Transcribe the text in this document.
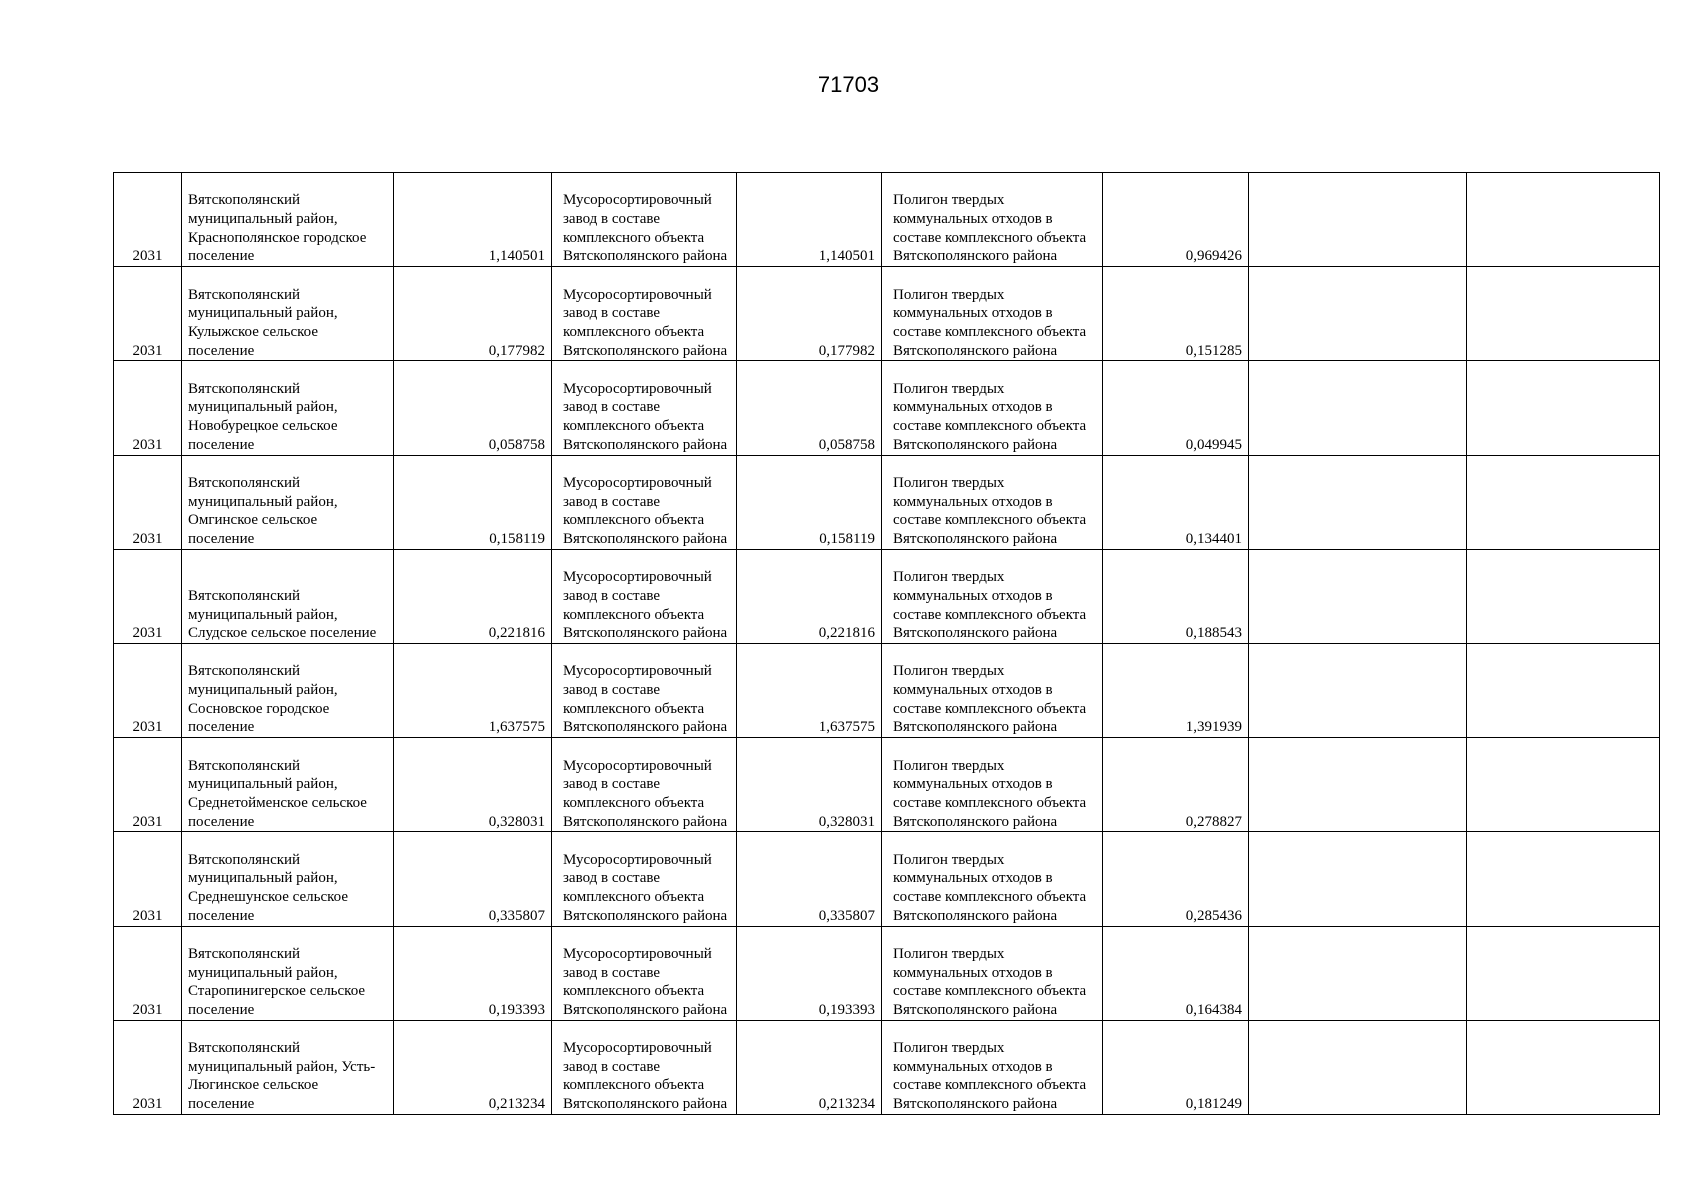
71703
2031	Вятскополянский муниципальный район, Краснополянское городское поселение	1,140501	Мусоросортировочный завод в составе комплексного объекта Вятскополянского района	1,140501	Полигон твердых коммунальных отходов в составе комплексного объекта Вятскополянского района	0,969426		

2031	Вятскополянский муниципальный район, Кулыжское сельское поселение	0,177982	Мусоросортировочный завод в составе комплексного объекта Вятскополянского района	0,177982	Полигон твердых коммунальных отходов в составе комплексного объекта Вятскополянского района	0,151285		

2031	Вятскополянский муниципальный район, Новобурецкое сельское поселение	0,058758	Мусоросортировочный завод в составе комплексного объекта Вятскополянского района	0,058758	Полигон твердых коммунальных отходов в составе комплексного объекта Вятскополянского района	0,049945		

2031	Вятскополянский муниципальный район, Омгинское сельское поселение	0,158119	Мусоросортировочный завод в составе комплексного объекта Вятскополянского района	0,158119	Полигон твердых коммунальных отходов в составе комплексного объекта Вятскополянского района	0,134401		

2031	Вятскополянский муниципальный район, Слудское сельское поселение	0,221816	Мусоросортировочный завод в составе комплексного объекта Вятскополянского района	0,221816	Полигон твердых коммунальных отходов в составе комплексного объекта Вятскополянского района	0,188543		

2031	Вятскополянский муниципальный район, Сосновское городское поселение	1,637575	Мусоросортировочный завод в составе комплексного объекта Вятскополянского района	1,637575	Полигон твердых коммунальных отходов в составе комплексного объекта Вятскополянского района	1,391939		

2031	Вятскополянский муниципальный район, Среднетойменское сельское поселение	0,328031	Мусоросортировочный завод в составе комплексного объекта Вятскополянского района	0,328031	Полигон твердых коммунальных отходов в составе комплексного объекта Вятскополянского района	0,278827		

2031	Вятскополянский муниципальный район, Среднешунское сельское поселение	0,335807	Мусоросортировочный завод в составе комплексного объекта Вятскополянского района	0,335807	Полигон твердых коммунальных отходов в составе комплексного объекта Вятскополянского района	0,285436		

2031	Вятскополянский муниципальный район, Старопинигерское сельское поселение	0,193393	Мусоросортировочный завод в составе комплексного объекта Вятскополянского района	0,193393	Полигон твердых коммунальных отходов в составе комплексного объекта Вятскополянского района	0,164384		

2031	Вятскополянский муниципальный район, Усть-Люгинское сельское поселение	0,213234	Мусоросортировочный завод в составе комплексного объекта Вятскополянского района	0,213234	Полигон твердых коммунальных отходов в составе комплексного объекта Вятскополянского района	0,181249		
